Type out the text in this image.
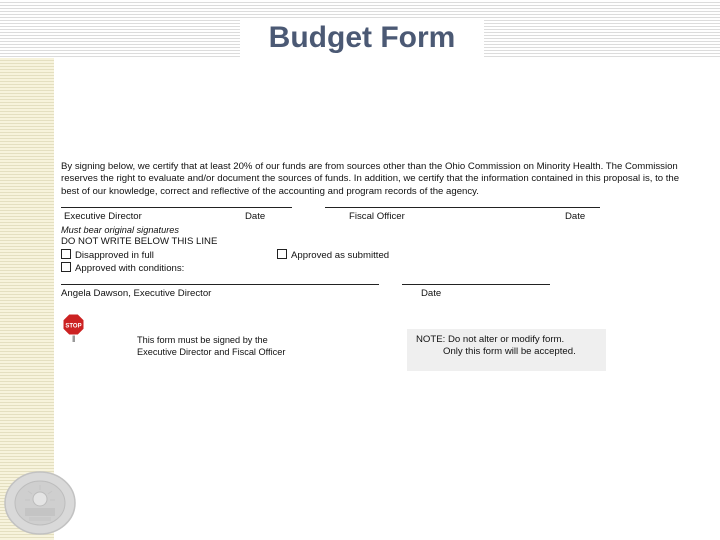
Budget Form
By signing below, we certify that at least 20% of our funds are from sources other than the Ohio Commission on Minority Health. The Commission reserves the right to evaluate and/or document the sources of funds. In addition, we certify that the information contained in this proposal is, to the best of our knowledge, correct and reflective of the accounting and program records of the agency.
Executive Director	Date	Fiscal Officer	Date
Must bear original signatures
DO NOT WRITE BELOW THIS LINE
Disapproved in full	Approved as submitted
Approved with conditions:
Angela Dawson, Executive Director	Date
STOP
This form must be signed by the
Executive Director and Fiscal Officer
NOTE: Do not alter or modify form.
Only this form will be accepted.
